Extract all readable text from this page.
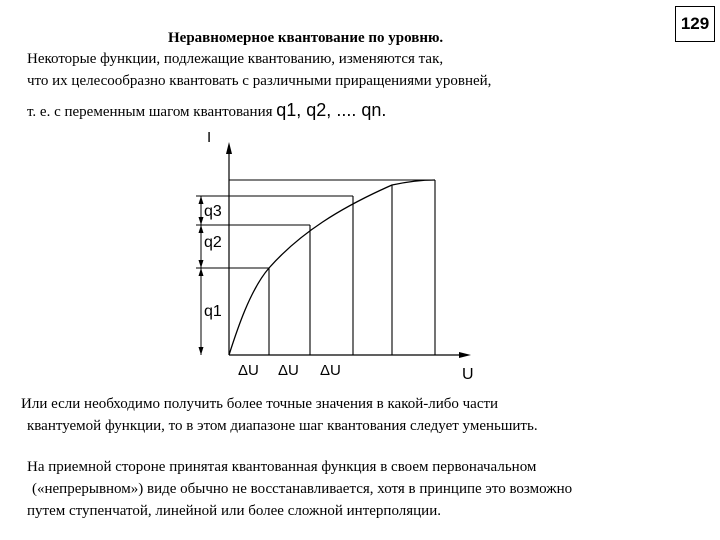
129
Неравномерное квантование по уровню.
Некоторые функции, подлежащие квантованию, изменяются так,
что их целесообразно квантовать с различными приращениями уровней,
т. е. с переменным шагом квантования q1, q2, .... qn.
I
U
q3
q2
q1
ΔU ΔU ΔU
Или если необходимо получить более точные значения в какой-либо части
квантуемой функции, то в этом диапазоне шаг квантования следует уменьшить.
На приемной стороне принятая квантованная функция в своем первоначальном
(«непрерывном») виде обычно не восстанавливается, хотя в принципе это возможно
путем ступенчатой, линейной или более сложной интерполяции.
